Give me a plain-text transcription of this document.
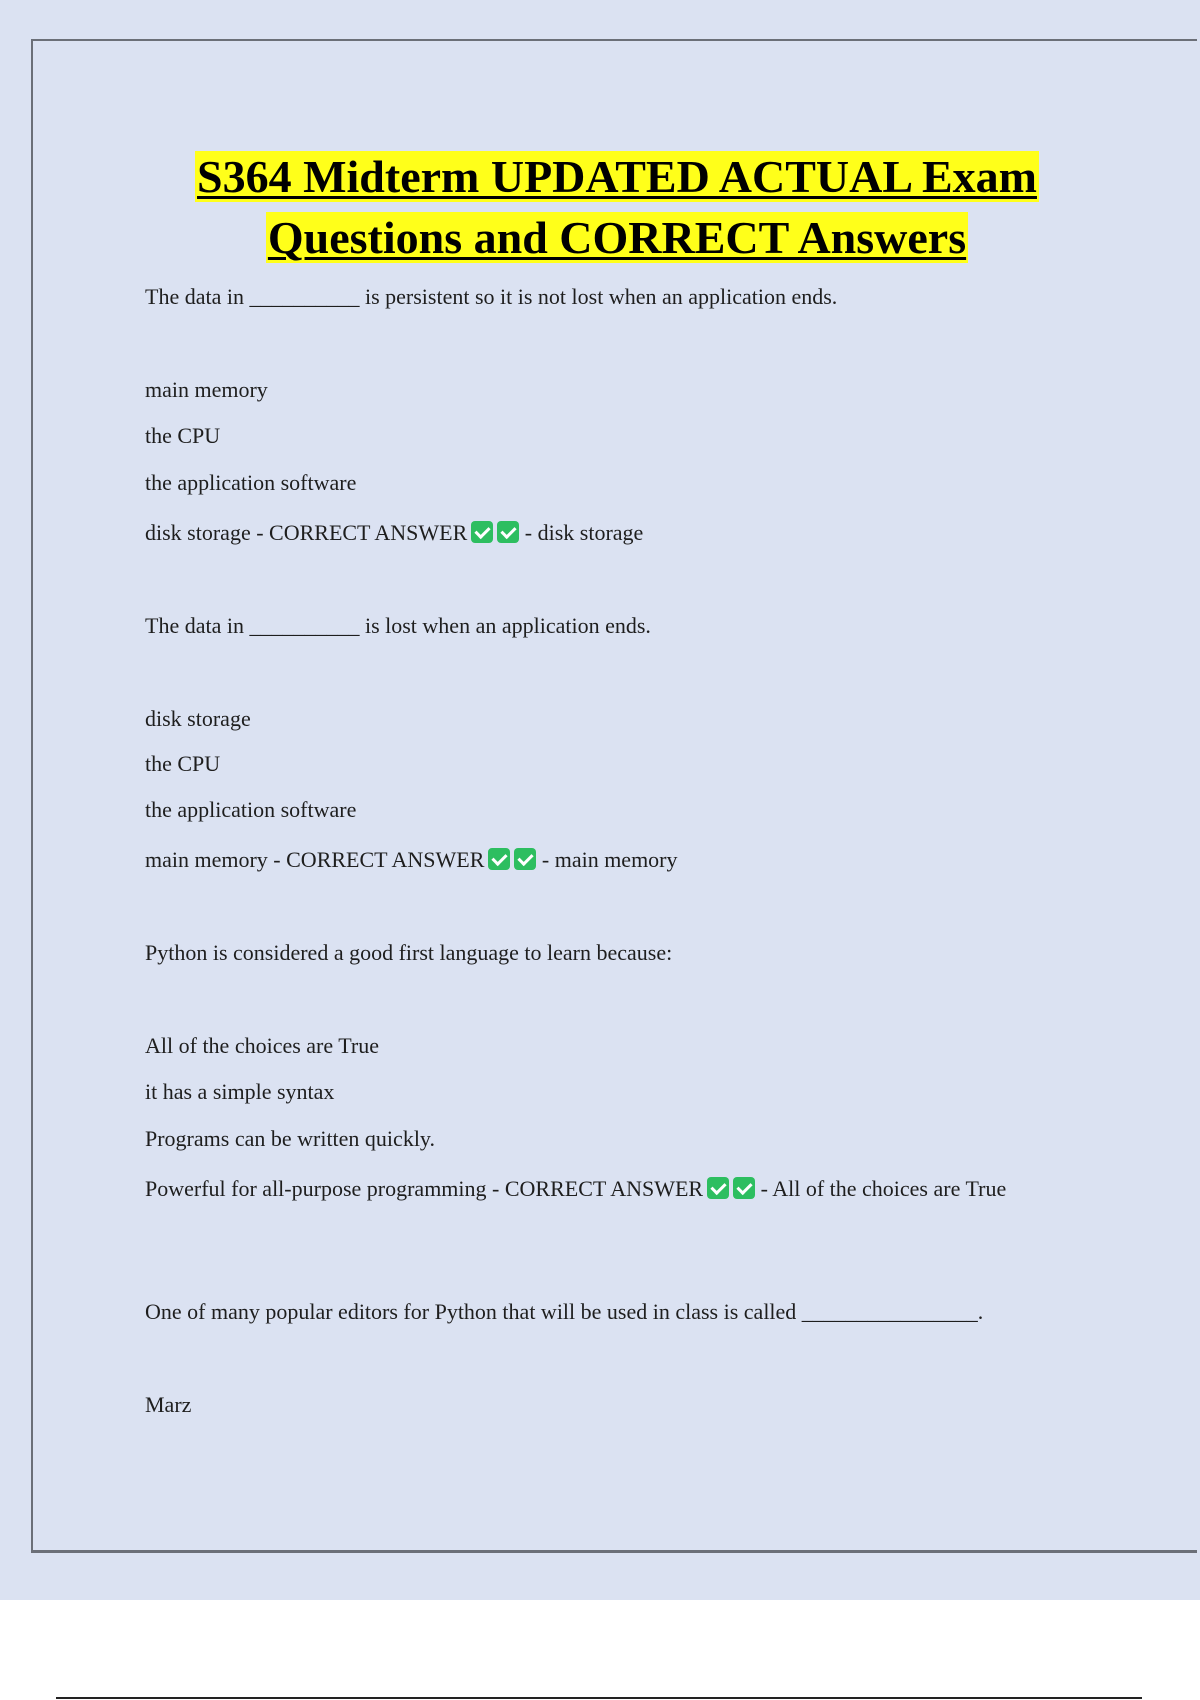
S364 Midterm UPDATED ACTUAL Exam
Questions and CORRECT Answers
The data in __________ is persistent so it is not lost when an application ends.
main memory
the CPU
the application software
disk storage - CORRECT ANSWER	- disk storage
The data in __________ is lost when an application ends.
disk storage
the CPU
the application software
main memory - CORRECT ANSWER	- main memory
Python is considered a good first language to learn because:
All of the choices are True
it has a simple syntax
Programs can be written quickly.
Powerful for all-purpose programming - CORRECT ANSWER	- All of the choices are True
One of many popular editors for Python that will be used in class is called ________________.
Marz
